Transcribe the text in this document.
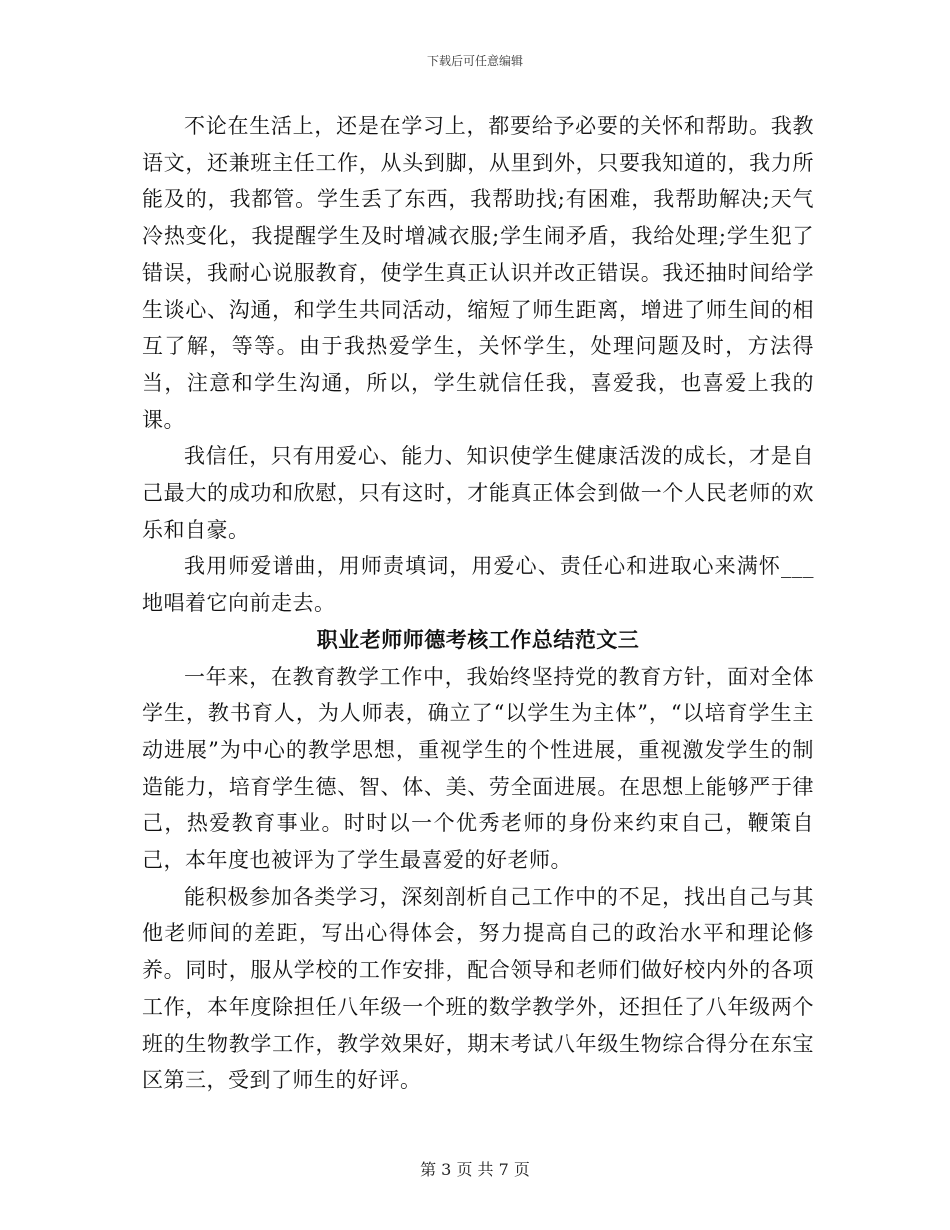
下载后可任意编辑

不论在生活上，还是在学习上，都要给予必要的关怀和帮助。我教语文，还兼班主任工作，从头到脚，从里到外，只要我知道的，我力所能及的，我都管。学生丢了东西，我帮助找;有困难，我帮助解决;天气冷热变化，我提醒学生及时增减衣服;学生闹矛盾，我给处理;学生犯了错误，我耐心说服教育，使学生真正认识并改正错误。我还抽时间给学生谈心、沟通，和学生共同活动，缩短了师生距离，增进了师生间的相互了解，等等。由于我热爱学生，关怀学生，处理问题及时，方法得当，注意和学生沟通，所以，学生就信任我，喜爱我，也喜爱上我的课。

我信任，只有用爱心、能力、知识使学生健康活泼的成长，才是自己最大的成功和欣慰，只有这时，才能真正体会到做一个人民老师的欢乐和自豪。

我用师爱谱曲，用师责填词，用爱心、责任心和进取心来满怀___地唱着它向前走去。

职业老师师德考核工作总结范文三

一年来，在教育教学工作中，我始终坚持党的教育方针，面对全体学生，教书育人，为人师表，确立了“以学生为主体”，“以培育学生主动进展”为中心的教学思想，重视学生的个性进展，重视激发学生的制造能力，培育学生德、智、体、美、劳全面进展。在思想上能够严于律己，热爱教育事业。时时以一个优秀老师的身份来约束自己，鞭策自己，本年度也被评为了学生最喜爱的好老师。

能积极参加各类学习，深刻剖析自己工作中的不足，找出自己与其他老师间的差距，写出心得体会，努力提高自己的政治水平和理论修养。同时，服从学校的工作安排，配合领导和老师们做好校内外的各项工作，本年度除担任八年级一个班的数学教学外，还担任了八年级两个班的生物教学工作，教学效果好，期末考试八年级生物综合得分在东宝区第三，受到了师生的好评。

第 3 页 共 7 页
